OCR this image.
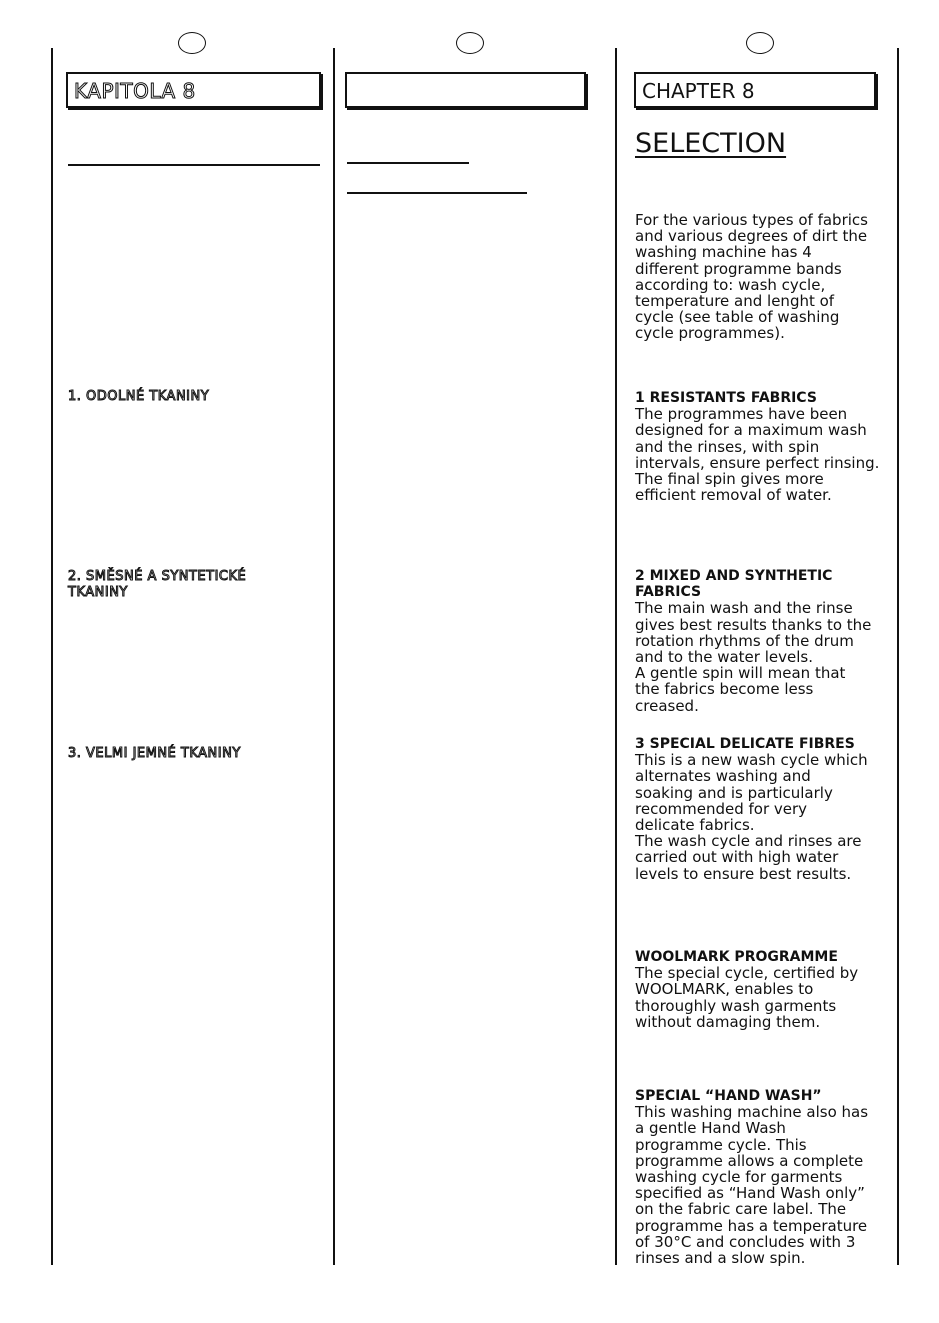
KAPITOLA 8	CHAPTER 8
1. ODOLNÉ TKANINY
2. SMĚSNÉ A SYNTETICKÉ
TKANINY
3. VELMI JEMNÉ TKANINY
SELECTION

For the various types of fabrics
and various degrees of dirt the
washing machine has 4
different programme bands
according to: wash cycle,
temperature and lenght of
cycle (see table of washing
cycle programmes).

1 RESISTANTS FABRICS

The programmes have been
designed for a maximum wash
and the rinses, with spin
intervals, ensure perfect rinsing.
The final spin gives more
efficient removal of water.

2 MIXED AND SYNTHETIC
FABRICS

The main wash and the rinse
gives best results thanks to the
rotation rhythms of the drum
and to the water levels.
A gentle spin will mean that
the fabrics become less
creased.

3 SPECIAL DELICATE FIBRES

This is a new wash cycle which
alternates washing and
soaking and is particularly
recommended for very
delicate fabrics.
The wash cycle and rinses are
carried out with high water
levels to ensure best results.

WOOLMARK PROGRAMME

The special cycle, certified by
WOOLMARK, enables to
thoroughly wash garments
without damaging them.

SPECIAL “HAND WASH”

This washing machine also has
a gentle Hand Wash
programme cycle. This
programme allows a complete
washing cycle for garments
specified as “Hand Wash only”
on the fabric care label. The
programme has a temperature
of 30°C and concludes with 3
rinses and a slow spin.
